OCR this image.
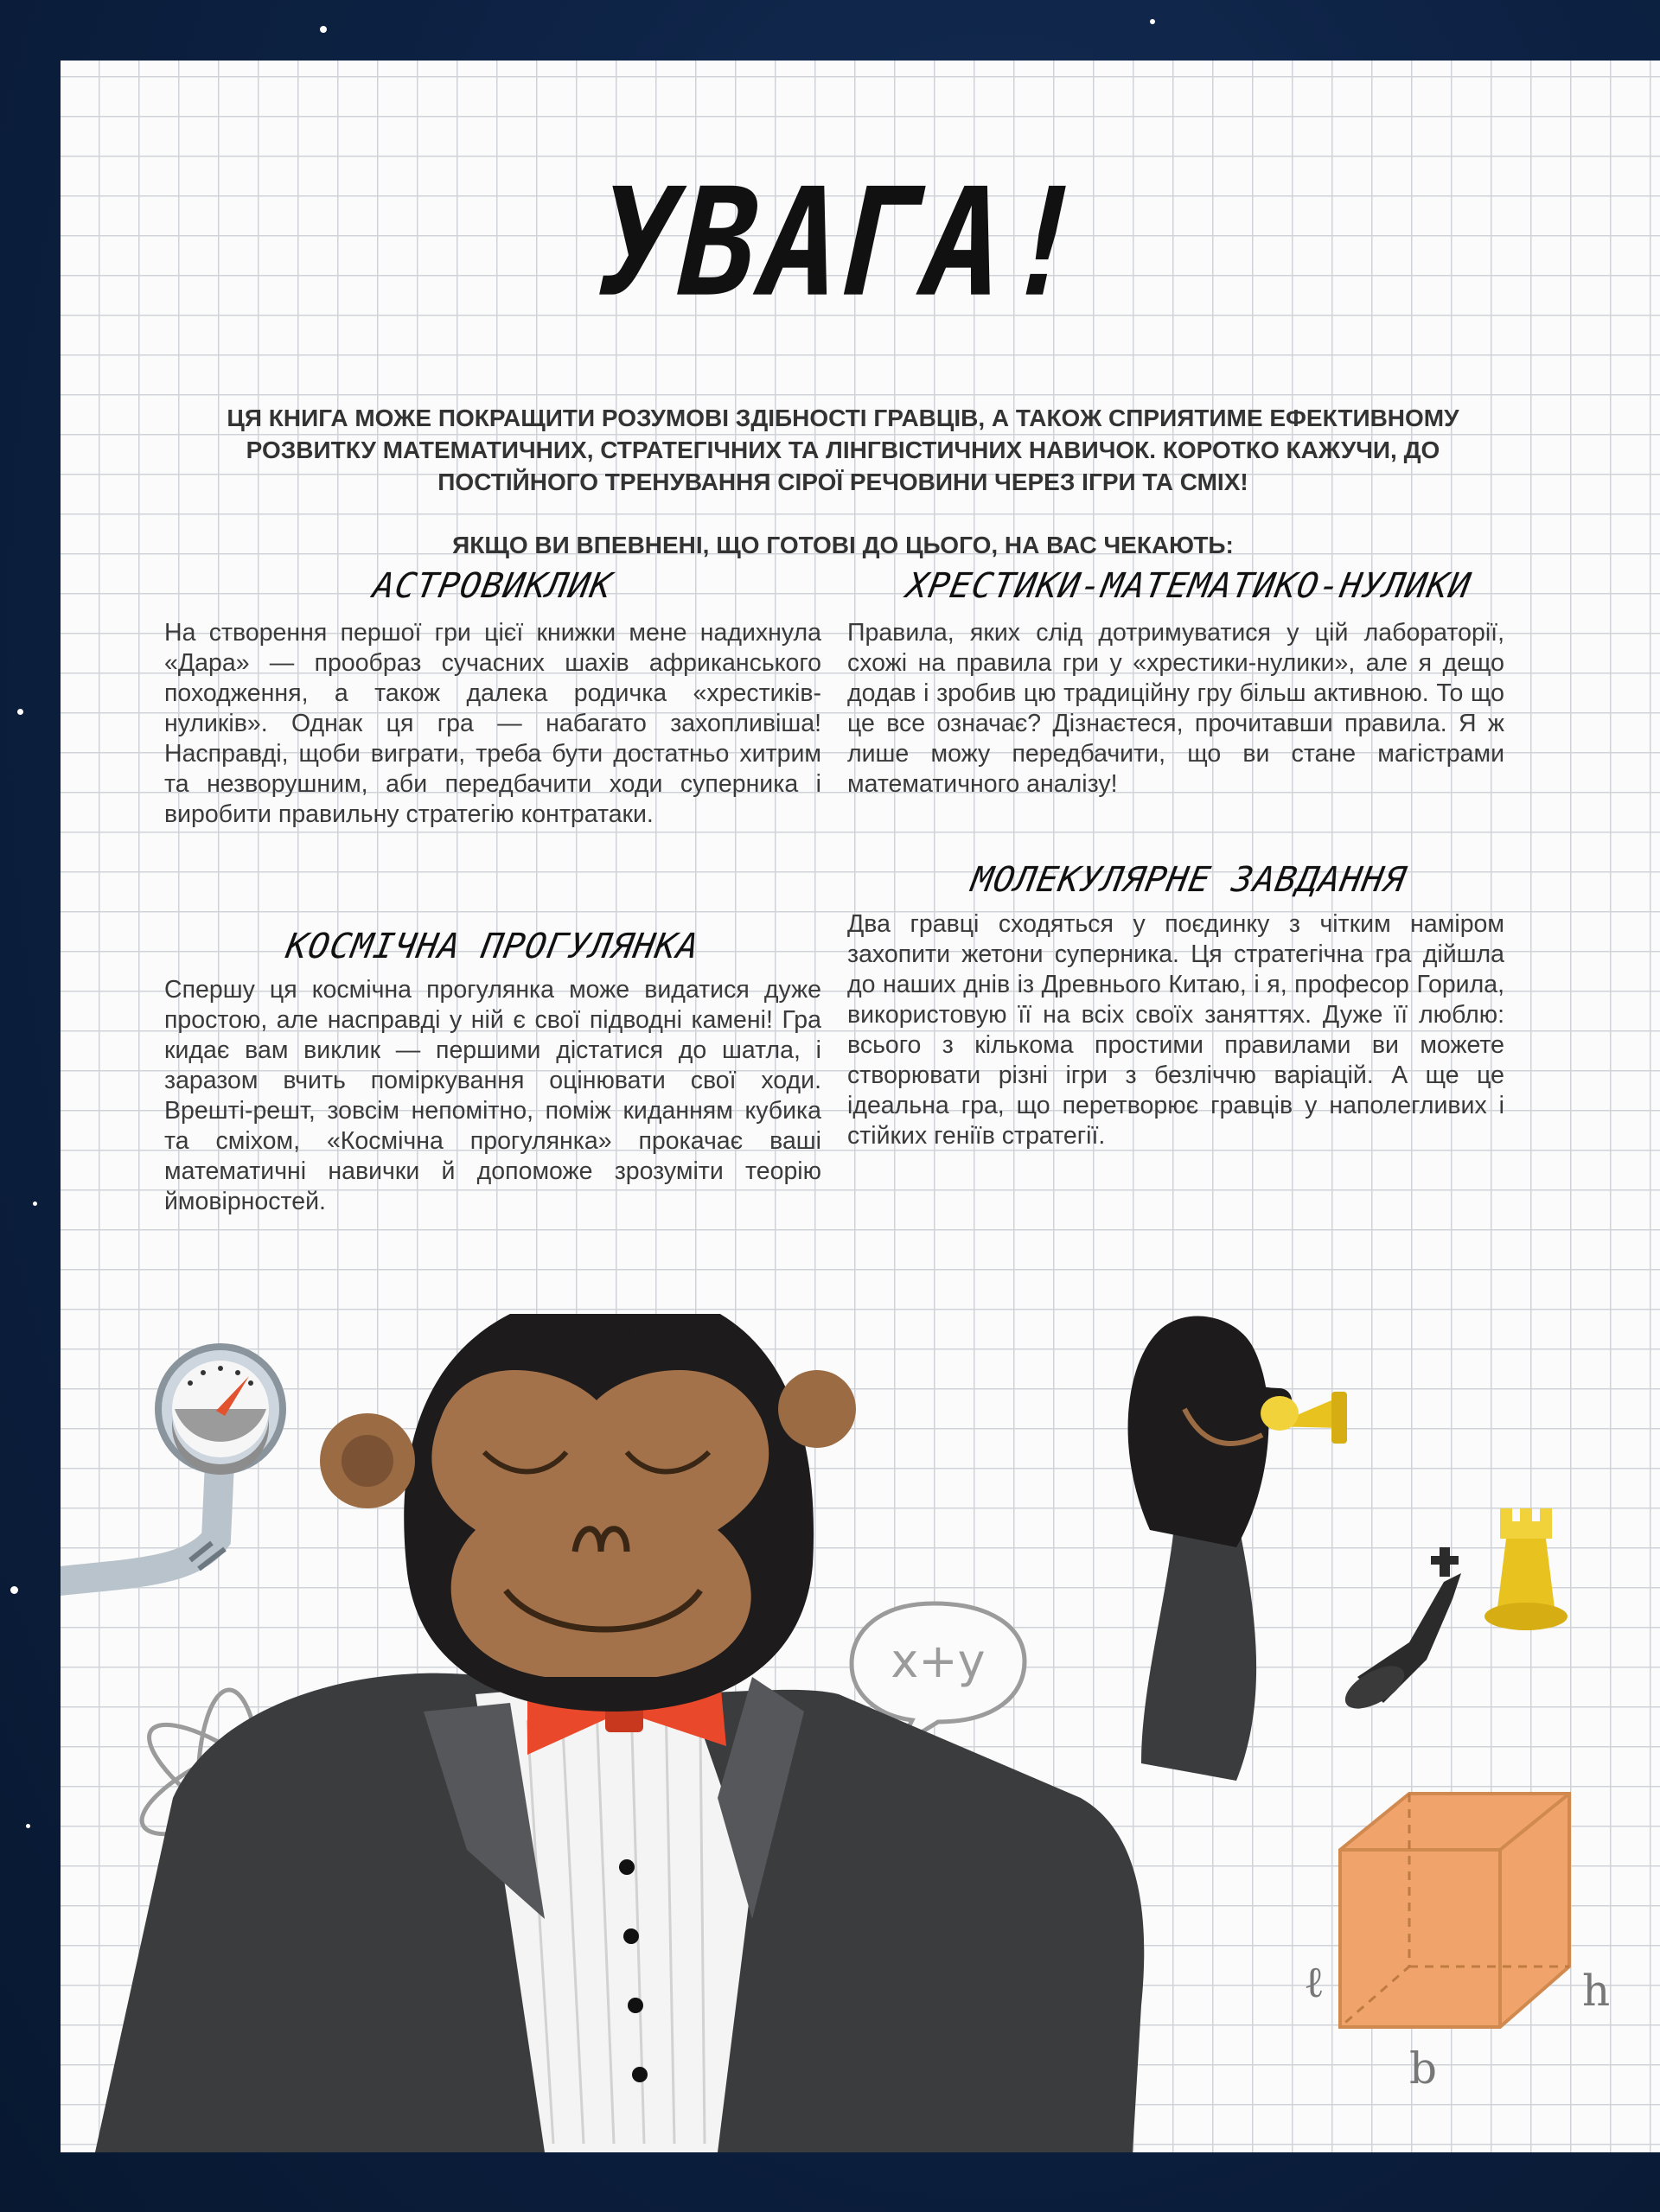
УВАГА!
ЦЯ КНИГА МОЖЕ ПОКРАЩИТИ РОЗУМОВІ ЗДІБНОСТІ ГРАВЦІВ, А ТАКОЖ СПРИЯТИМЕ ЕФЕКТИВНОМУ РОЗВИТКУ МАТЕМАТИЧНИХ, СТРАТЕГІЧНИХ ТА ЛІНГВІСТИЧНИХ НАВИЧОК. КОРОТКО КАЖУЧИ, ДО ПОСТІЙНОГО ТРЕНУВАННЯ СІРОЇ РЕЧОВИНИ ЧЕРЕЗ ІГРИ ТА СМІХ!
ЯКЩО ВИ ВПЕВНЕНІ, ЩО ГОТОВІ ДО ЦЬОГО, НА ВАС ЧЕКАЮТЬ:
АСТРОВИКЛИК

На створення першої гри цієї книжки мене надихнула «Дара» — прообраз сучасних шахів африканського походження, а також далека родичка «хрестиків-нуликів». Однак ця гра — набагато захопливіша! Насправді, щоби виграти, треба бути достатньо хитрим та незворушним, аби передбачити ходи суперника і виробити правильну стратегію контратаки.

КОСМІЧНА ПРОГУЛЯНКА

Спершу ця космічна прогулянка може видатися дуже простою, але насправді у ній є свої підводні камені! Гра кидає вам виклик — першими дістатися до шатла, і заразом вчить поміркування оцінювати свої ходи. Врешті-решт, зовсім непомітно, поміж киданням кубика та сміхом, «Космічна прогулянка» прокачає ваші математичні навички й допоможе зрозуміти теорію ймовірностей.

ХРЕСТИКИ-МАТЕМАТИКО-НУЛИКИ

Правила, яких слід дотримуватися у цій лабораторії, схожі на правила гри у «хрестики-нулики», але я дещо додав і зробив цю традиційну гру більш активною. То що це все означає? Дізнаєтеся, прочитавши правила. Я ж лише можу передбачити, що ви стане магістрами математичного аналізу!

МОЛЕКУЛЯРНЕ ЗАВДАННЯ

Два гравці сходяться у поєдинку з чітким наміром захопити жетони суперника. Ця стратегічна гра дійшла до наших днів із Древнього Китаю, і я, професор Горила, використовую її на всіх своїх заняттях. Дуже її люблю: всього з кількома простими правилами ви можете створювати різні ігри з безліччю варіацій. А ще це ідеальна гра, що перетворює гравців у наполегливих і стійких геніїв стратегії.

x+y
ℓ	h
b
